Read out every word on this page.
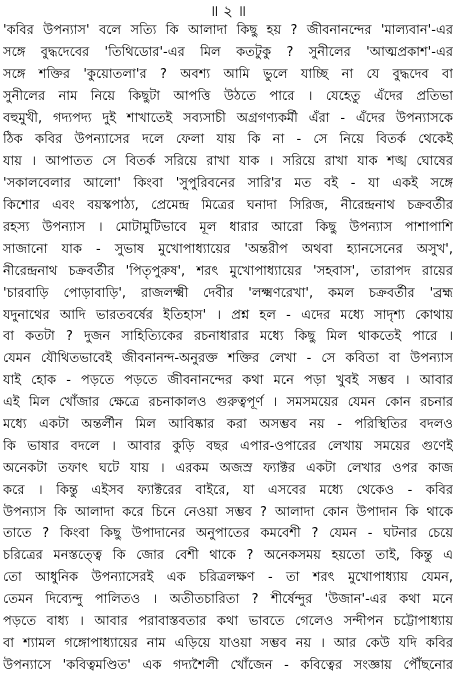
॥ ২ ॥
'কবির উপন্যাস' বলে সত্যি কি আলাদা কিছু হয় ? জীবনানন্দের 'মাল্যবান'-এর
সঙ্গে বুদ্ধদেবের 'তিথিডোর'-এর মিল কতটুকু ? সুনীলের 'আত্মপ্রকাশ'-এর
সঙ্গে শক্তির 'কুয়োতলা'র ? অবশ্য আমি ভুলে যাচ্ছি না যে বুদ্ধদেব বা
সুনীলের নাম নিয়ে কিছুটা আপত্তি উঠতে পারে । যেহেতু এঁদের প্রতিভা
বহুমুখী, গদ্যপদ্য দুই শাখাতেই সব্যসাচী অগ্রগণ্যকর্মী এঁরা - এঁদের উপন্যাসকে
ঠিক কবির উপন্যাসের দলে ফেলা যায় কি না - সে নিয়ে বিতর্ক থেকেই
যায় । আপাতত সে বিতর্ক সরিয়ে রাখা যাক । সরিয়ে রাখা যাক শঙ্খ ঘোষের
'সকালবেলার আলো' কিংবা 'সুপুরিবনের সারি'র মত বই - যা একই সঙ্গে
কিশোর এবং বয়স্কপাঠ্য, প্রেমেন্দ্র মিত্রের ঘনাদা সিরিজ, নীরেন্দ্রনাথ চক্রবর্তীর
রহস্য উপন্যাস । মোটামুটিভাবে মূল ধারার আরো কিছু উপন্যাস পাশাপাশি
সাজানো যাক - সুভাষ মুখোপাধ্যায়ের 'অন্তরীপ অথবা হ্যানসেনের অসুখ',
নীরেন্দ্রনাথ চক্রবর্তীর 'পিতৃপুরুষ', শরৎ মুখোপাধ্যায়ের 'সহবাস', তারাপদ রায়ের
'চারবাড়ি পোড়াবাড়ি', রাজলক্ষ্মী দেবীর 'লক্ষ্মণরেখা', কমল চক্রবর্তীর 'ব্রহ্ম
যদুনাথের আদি ভারতবর্ষের ইতিহাস' । প্রশ্ন হল - এদের মধ্যে সাদৃশ্য কোথায়
বা কতটা ? দুজন সাহিত্যিকের রচনাধারার মধ্যে কিছু মিল থাকতেই পারে ।
যেমন যৌথিতভাবেই জীবনানন্দ-অনুরক্ত শক্তির লেখা - সে কবিতা বা উপন্যাস
যাই হোক - পড়তে পড়তে জীবনানন্দের কথা মনে পড়া খুবই সম্ভব । আবার
এই মিল খোঁজার ক্ষেত্রে রচনাকালও গুরুত্বপূর্ণ । সমসময়ের যেমন কোন রচনার
মধ্যে একটা অন্তর্লীন মিল আবিষ্কার করা অসম্ভব নয় - পরিস্থিতির বদলও
কি ভাষার বদলে । আবার কুড়ি বছর এপার-ওপারের লেখায় সময়ের গুণেই
অনেকটা তফাৎ ঘটে যায় । এরকম অজস্র ফ্যাক্টর একটা লেখার ওপর কাজ
করে । কিন্তু এইসব ফ্যাক্টরের বাইরে, যা এসবের মধ্যে থেকেও - কবির
উপন্যাস কি আলাদা করে চিনে নেওয়া সম্ভব ? আলাদা কোন উপাদান কি থাকে
তাতে ? কিংবা কিছু উপাদানের অনুপাতের কমবেশী ? যেমন - ঘটনার চেয়ে
চরিত্রের মনস্তত্ত্বে কি জোর বেশী থাকে ? অনেকসময় হয়তো তাই, কিন্তু এ
তো আধুনিক উপন্যাসেরই এক চরিত্রলক্ষণ - তা শরৎ মুখোপাধ্যায় যেমন,
তেমন দিব্যেন্দু পালিতও । অতীতচারিতা ? শীর্ষেন্দুর 'উজান'-এর কথা মনে
পড়তে বাধ্য । আবার পরাবাস্তবতার কথা ভাবতে গেলেও সন্দীপন চট্টোপাধ্যায়
বা শ্যামল গঙ্গোপাধ্যায়ের নাম এড়িয়ে যাওয়া সম্ভব নয় । আর কেউ যদি কবির
উপন্যাসে 'কবিত্বমণ্ডিত' এক গদ্যশৈলী খোঁজেন - কবিত্বের সংজ্ঞায় পৌঁছনোর
